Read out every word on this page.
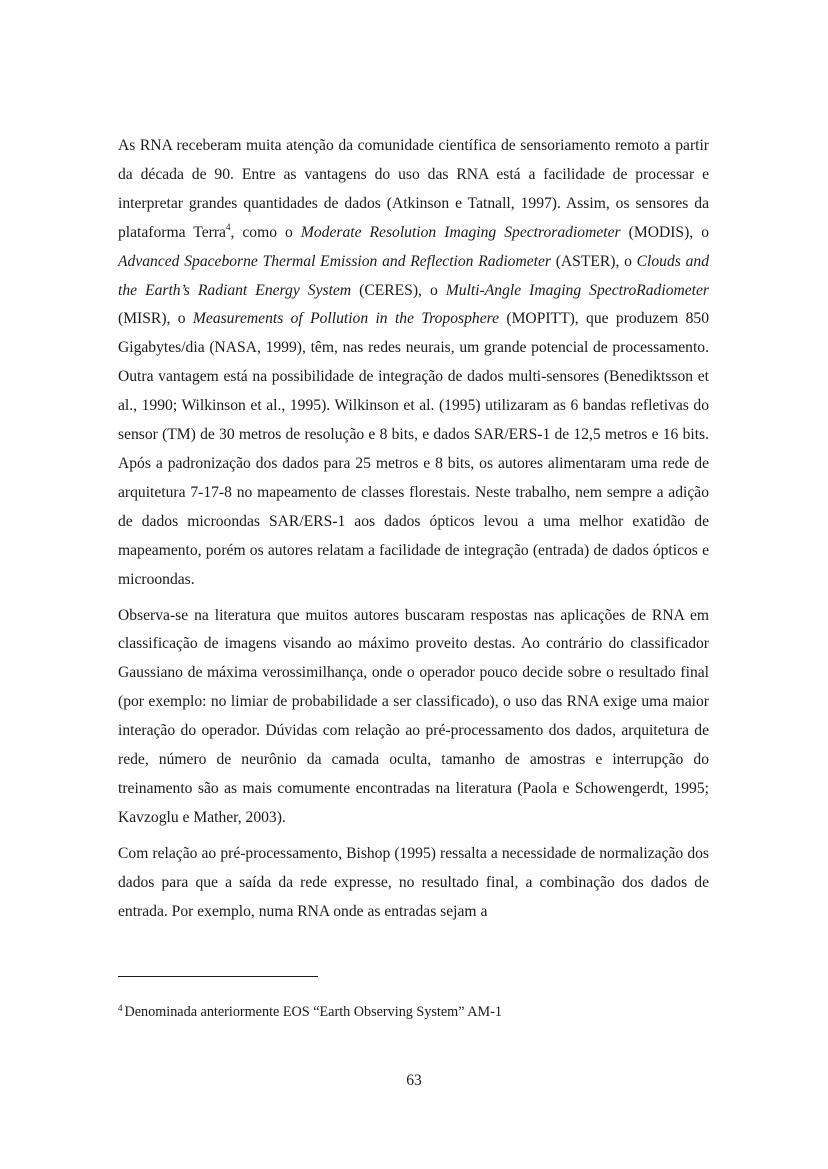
As RNA receberam muita atenção da comunidade científica de sensoriamento remoto a partir da década de 90. Entre as vantagens do uso das RNA está a facilidade de processar e interpretar grandes quantidades de dados (Atkinson e Tatnall, 1997). Assim, os sensores da plataforma Terra$^4$, como o Moderate Resolution Imaging Spectroradiometer (MODIS), o Advanced Spaceborne Thermal Emission and Reflection Radiometer (ASTER), o Clouds and the Earth’s Radiant Energy System (CERES), o Multi-Angle Imaging SpectroRadiometer (MISR), o Measurements of Pollution in the Troposphere (MOPITT), que produzem 850 Gigabytes/dia (NASA, 1999), têm, nas redes neurais, um grande potencial de processamento. Outra vantagem está na possibilidade de integração de dados multi-sensores (Benediktsson et al., 1990; Wilkinson et al., 1995). Wilkinson et al. (1995) utilizaram as 6 bandas refletivas do sensor (TM) de 30 metros de resolução e 8 bits, e dados SAR/ERS-1 de 12,5 metros e 16 bits. Após a padronização dos dados para 25 metros e 8 bits, os autores alimentaram uma rede de arquitetura 7-17-8 no mapeamento de classes florestais. Neste trabalho, nem sempre a adição de dados microondas SAR/ERS-1 aos dados ópticos levou a uma melhor exatidão de mapeamento, porém os autores relatam a facilidade de integração (entrada) de dados ópticos e microondas.

Observa-se na literatura que muitos autores buscaram respostas nas aplicações de RNA em classificação de imagens visando ao máximo proveito destas. Ao contrário do classificador Gaussiano de máxima verossimilhança, onde o operador pouco decide sobre o resultado final (por exemplo: no limiar de probabilidade a ser classificado), o uso das RNA exige uma maior interação do operador. Dúvidas com relação ao pré-processamento dos dados, arquitetura de rede, número de neurônio da camada oculta, tamanho de amostras e interrupção do treinamento são as mais comumente encontradas na literatura (Paola e Schowengerdt, 1995; Kavzoglu e Mather, 2003).

Com relação ao pré-processamento, Bishop (1995) ressalta a necessidade de normalização dos dados para que a saída da rede expresse, no resultado final, a combinação dos dados de entrada. Por exemplo, numa RNA onde as entradas sejam a

$^4$ Denominada anteriormente EOS “Earth Observing System” AM-1
63
